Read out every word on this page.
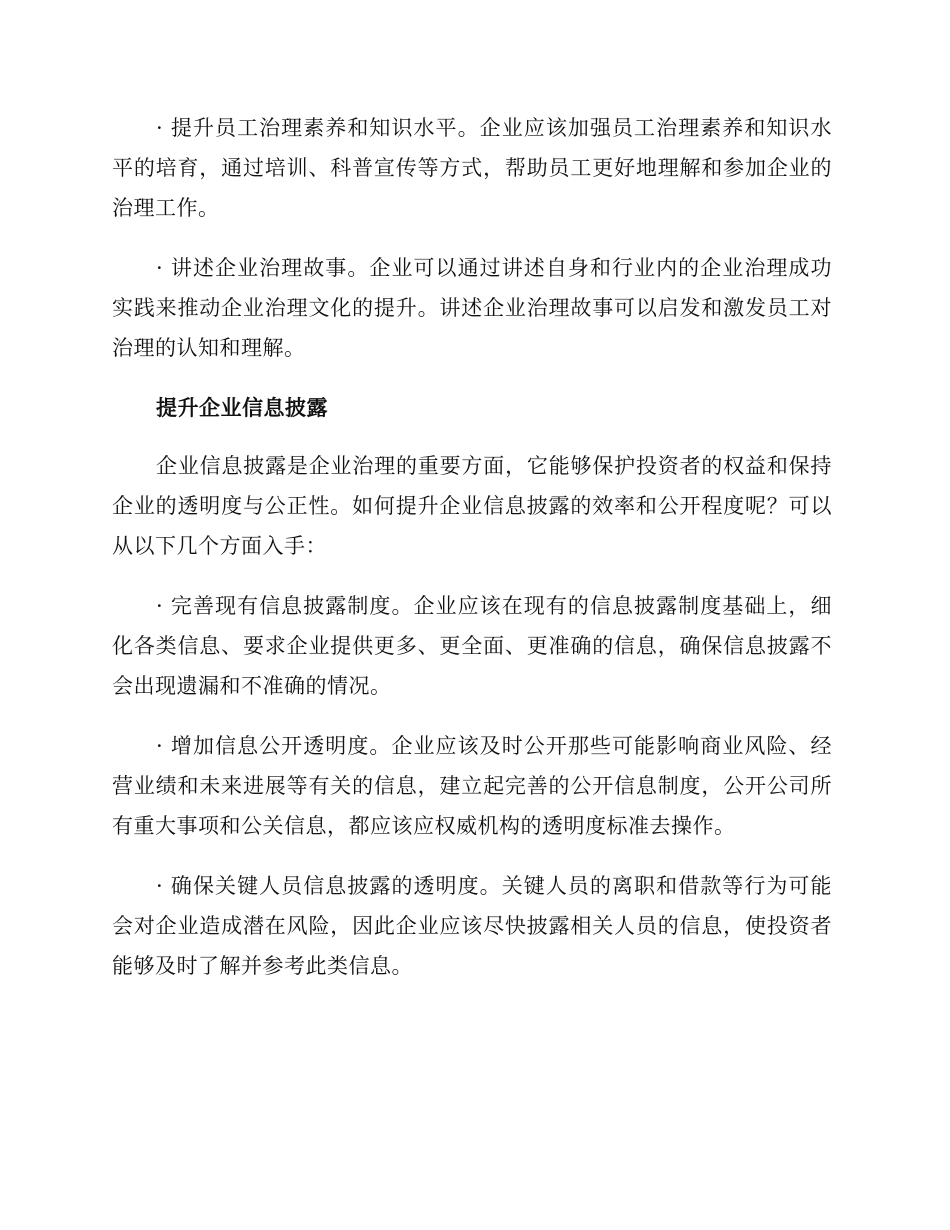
· 提升员工治理素养和知识水平。企业应该加强员工治理素养和知识水平的培育，通过培训、科普宣传等方式，帮助员工更好地理解和参加企业的治理工作。

· 讲述企业治理故事。企业可以通过讲述自身和行业内的企业治理成功实践来推动企业治理文化的提升。讲述企业治理故事可以启发和激发员工对治理的认知和理解。

提升企业信息披露

企业信息披露是企业治理的重要方面，它能够保护投资者的权益和保持企业的透明度与公正性。如何提升企业信息披露的效率和公开程度呢？可以从以下几个方面入手：

· 完善现有信息披露制度。企业应该在现有的信息披露制度基础上，细化各类信息、要求企业提供更多、更全面、更准确的信息，确保信息披露不会出现遗漏和不准确的情况。

· 增加信息公开透明度。企业应该及时公开那些可能影响商业风险、经营业绩和未来进展等有关的信息，建立起完善的公开信息制度，公开公司所有重大事项和公关信息，都应该应权威机构的透明度标准去操作。

· 确保关键人员信息披露的透明度。关键人员的离职和借款等行为可能会对企业造成潜在风险，因此企业应该尽快披露相关人员的信息，使投资者能够及时了解并参考此类信息。
